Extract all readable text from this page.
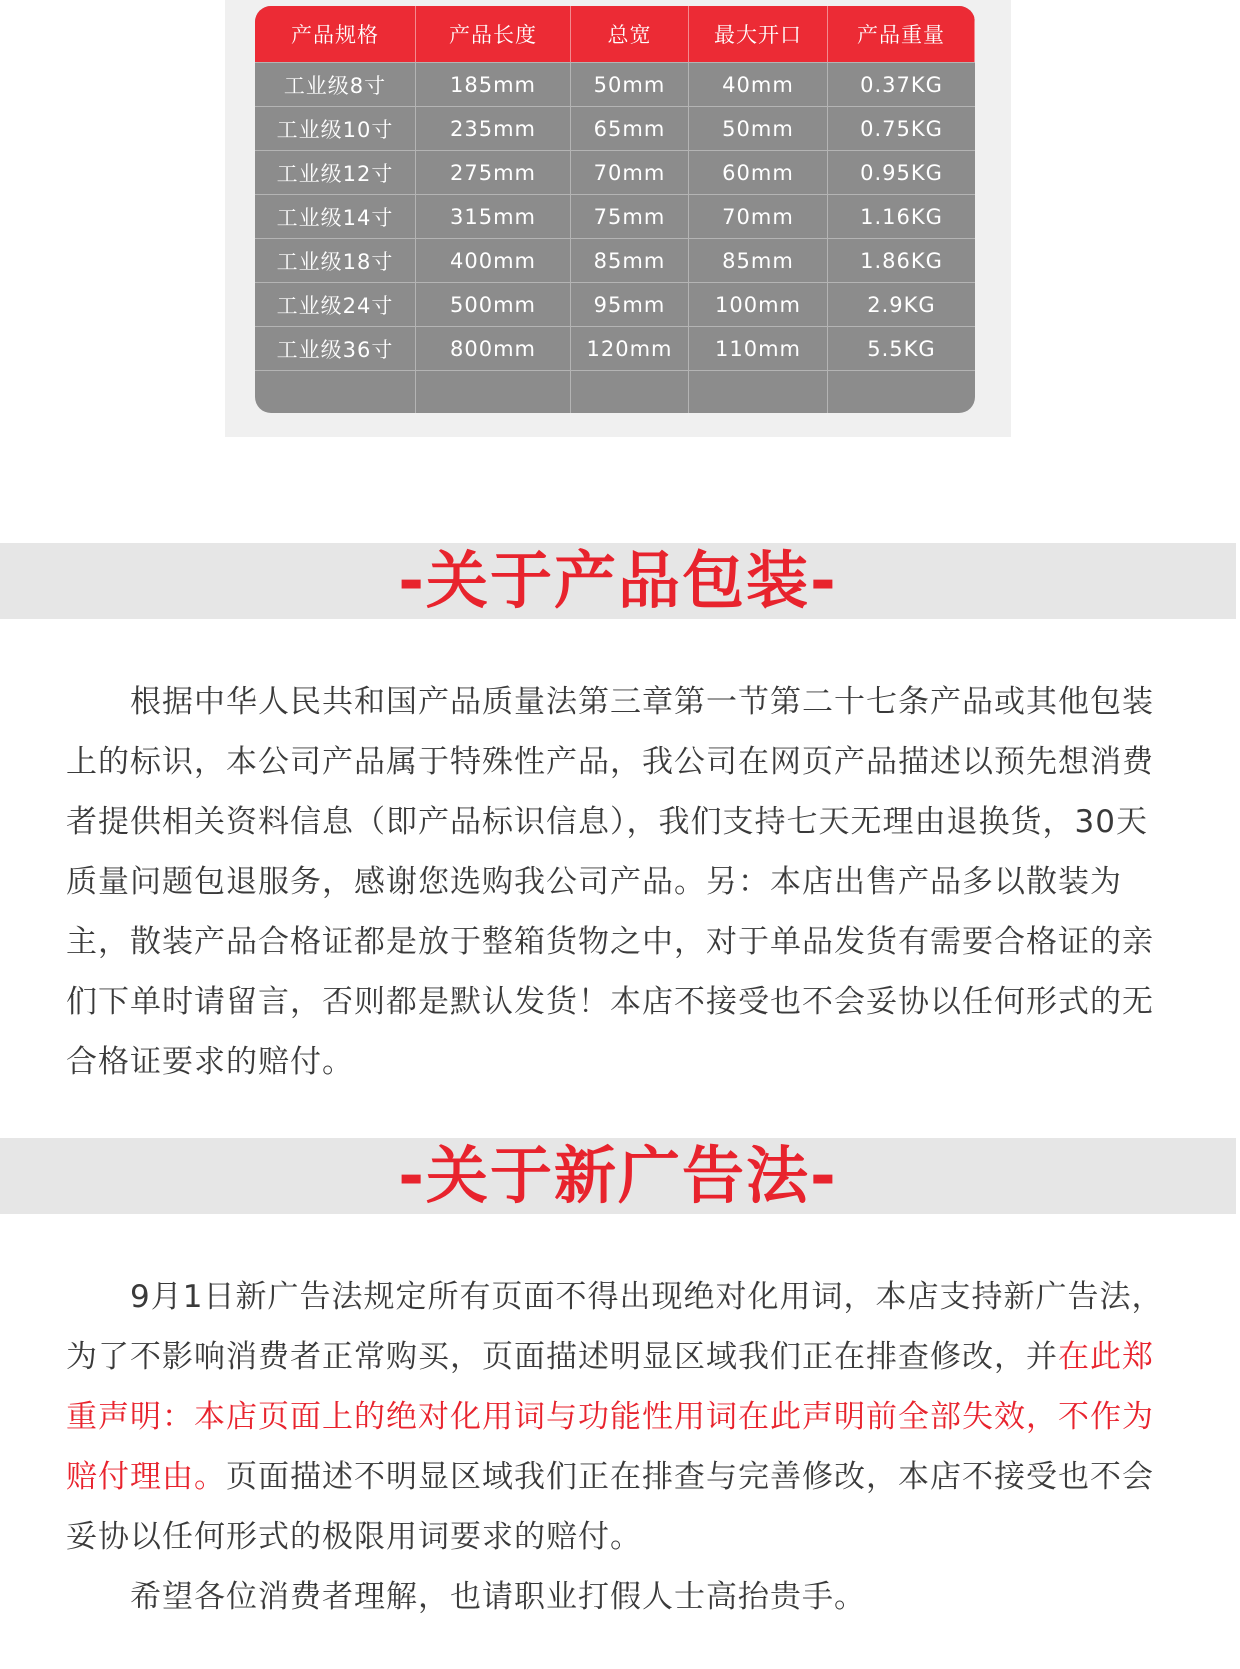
产品规格	产品长度	总宽	最大开口	产品重量
工业级8寸	185mm	50mm	40mm	0.37KG
工业级10寸	235mm	65mm	50mm	0.75KG
工业级12寸	275mm	70mm	60mm	0.95KG
工业级14寸	315mm	75mm	70mm	1.16KG
工业级18寸	400mm	85mm	85mm	1.86KG
工业级24寸	500mm	95mm	100mm	2.9KG
工业级36寸	800mm	120mm	110mm	5.5KG
-关于产品包装-

根据中华人民共和国产品质量法第三章第一节第二十七条产品或其他包装上的标识，本公司产品属于特殊性产品，我公司在网页产品描述以预先想消费者提供相关资料信息（即产品标识信息），我们支持七天无理由退换货，30天质量问题包退服务，感谢您选购我公司产品。另：本店出售产品多以散装为主，散装产品合格证都是放于整箱货物之中，对于单品发货有需要合格证的亲们下单时请留言，否则都是默认发货！本店不接受也不会妥协以任何形式的无合格证要求的赔付。

-关于新广告法-

9月1日新广告法规定所有页面不得出现绝对化用词，本店支持新广告法，为了不影响消费者正常购买，页面描述明显区域我们正在排查修改，并在此郑重声明：本店页面上的绝对化用词与功能性用词在此声明前全部失效，不作为赔付理由。页面描述不明显区域我们正在排查与完善修改，本店不接受也不会妥协以任何形式的极限用词要求的赔付。

希望各位消费者理解，也请职业打假人士高抬贵手。
